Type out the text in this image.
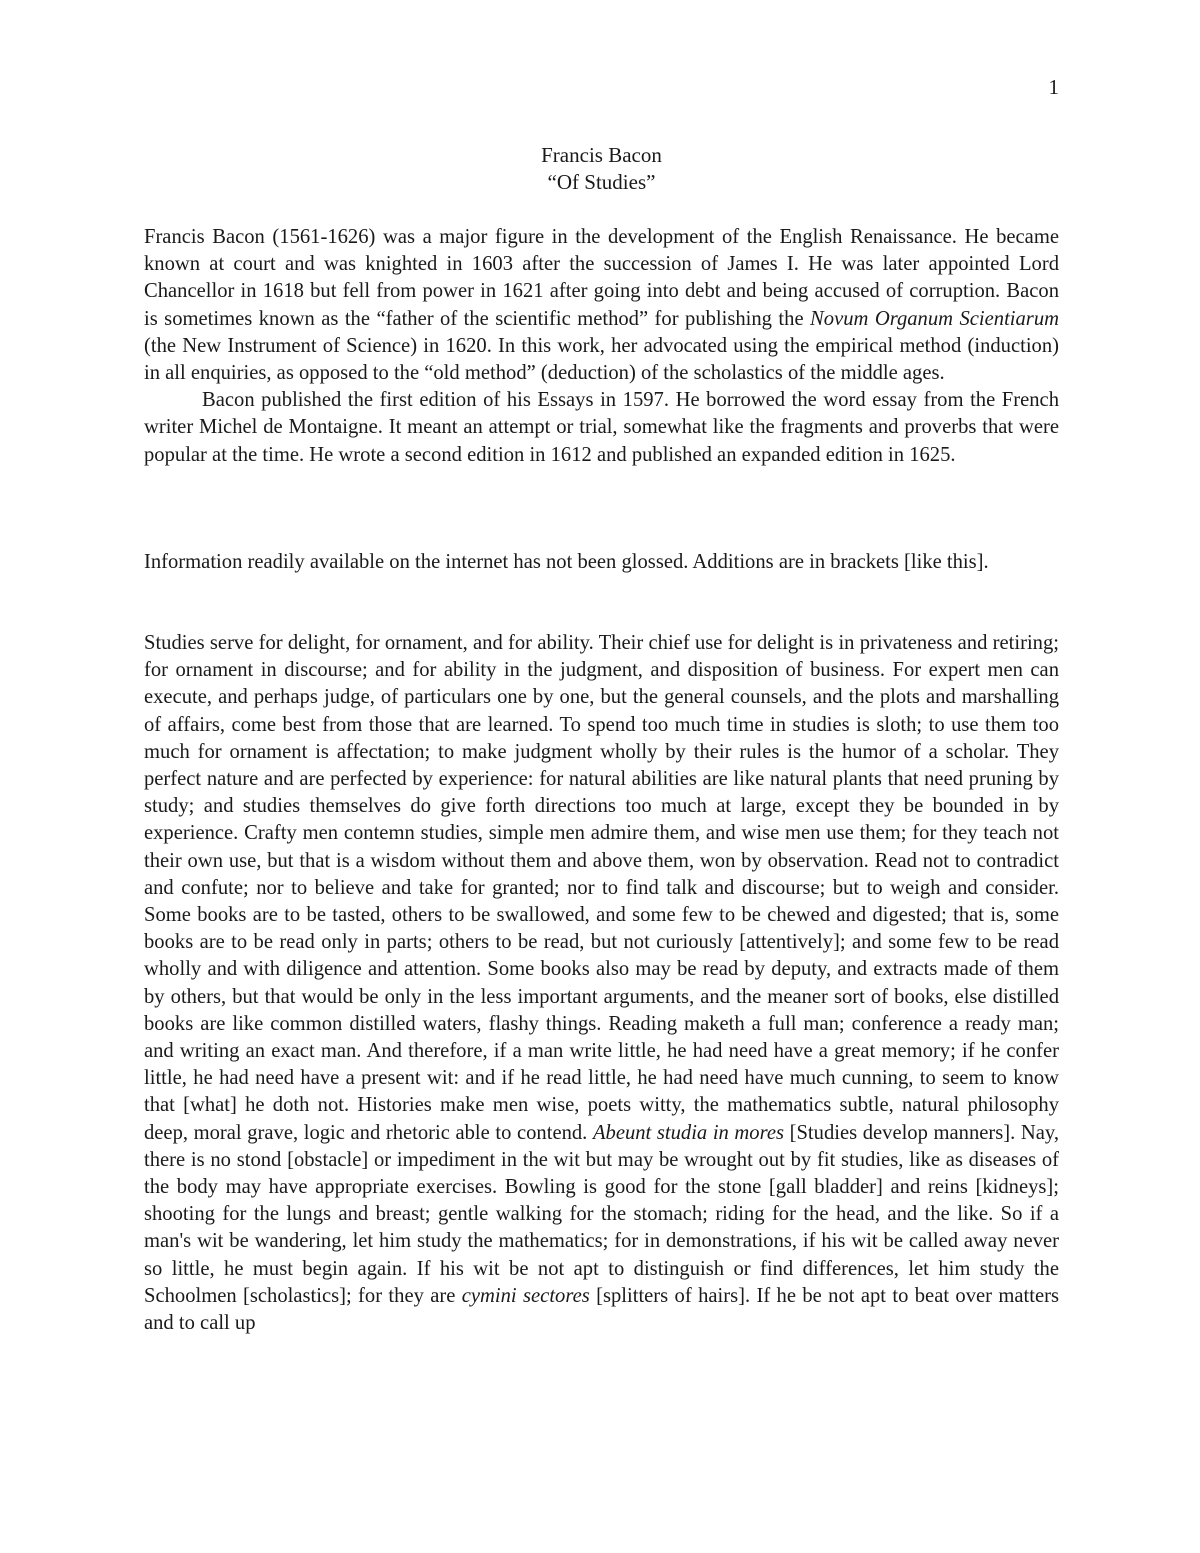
1
Francis Bacon
“Of Studies”

Francis Bacon (1561-1626) was a major figure in the development of the English Renaissance. He became known at court and was knighted in 1603 after the succession of James I. He was later appointed Lord Chancellor in 1618 but fell from power in 1621 after going into debt and being accused of corruption. Bacon is sometimes known as the “father of the scientific method” for publishing the Novum Organum Scientiarum (the New Instrument of Science) in 1620. In this work, her advocated using the empirical method (induction) in all enquiries, as opposed to the “old method” (deduction) of the scholastics of the middle ages.

Bacon published the first edition of his Essays in 1597. He borrowed the word essay from the French writer Michel de Montaigne. It meant an attempt or trial, somewhat like the fragments and proverbs that were popular at the time. He wrote a second edition in 1612 and published an expanded edition in 1625.

Information readily available on the internet has not been glossed. Additions are in brackets [like this].

Studies serve for delight, for ornament, and for ability. Their chief use for delight is in privateness and retiring; for ornament in discourse; and for ability in the judgment, and disposition of business. For expert men can execute, and perhaps judge, of particulars one by one, but the general counsels, and the plots and marshalling of affairs, come best from those that are learned. To spend too much time in studies is sloth; to use them too much for ornament is affectation; to make judgment wholly by their rules is the humor of a scholar. They perfect nature and are perfected by experience: for natural abilities are like natural plants that need pruning by study; and studies themselves do give forth directions too much at large, except they be bounded in by experience. Crafty men contemn studies, simple men admire them, and wise men use them; for they teach not their own use, but that is a wisdom without them and above them, won by observation. Read not to contradict and confute; nor to believe and take for granted; nor to find talk and discourse; but to weigh and consider. Some books are to be tasted, others to be swallowed, and some few to be chewed and digested; that is, some books are to be read only in parts; others to be read, but not curiously [attentively]; and some few to be read wholly and with diligence and attention. Some books also may be read by deputy, and extracts made of them by others, but that would be only in the less important arguments, and the meaner sort of books, else distilled books are like common distilled waters, flashy things. Reading maketh a full man; conference a ready man; and writing an exact man. And therefore, if a man write little, he had need have a great memory; if he confer little, he had need have a present wit: and if he read little, he had need have much cunning, to seem to know that [what] he doth not. Histories make men wise, poets witty, the mathematics subtle, natural philosophy deep, moral grave, logic and rhetoric able to contend. Abeunt studia in mores [Studies develop manners]. Nay, there is no stond [obstacle] or impediment in the wit but may be wrought out by fit studies, like as diseases of the body may have appropriate exercises. Bowling is good for the stone [gall bladder] and reins [kidneys]; shooting for the lungs and breast; gentle walking for the stomach; riding for the head, and the like. So if a man's wit be wandering, let him study the mathematics; for in demonstrations, if his wit be called away never so little, he must begin again. If his wit be not apt to distinguish or find differences, let him study the Schoolmen [scholastics]; for they are cymini sectores [splitters of hairs]. If he be not apt to beat over matters and to call up
